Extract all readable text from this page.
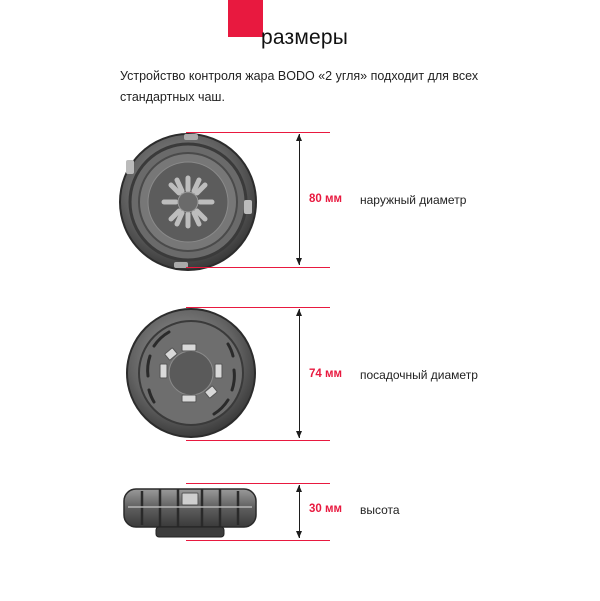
размеры
Устройство контроля жара BODO «2 угля» подходит для всех стандартных чаш.
80 мм наружный диаметр
74 мм посадочный диаметр
30 мм высота
